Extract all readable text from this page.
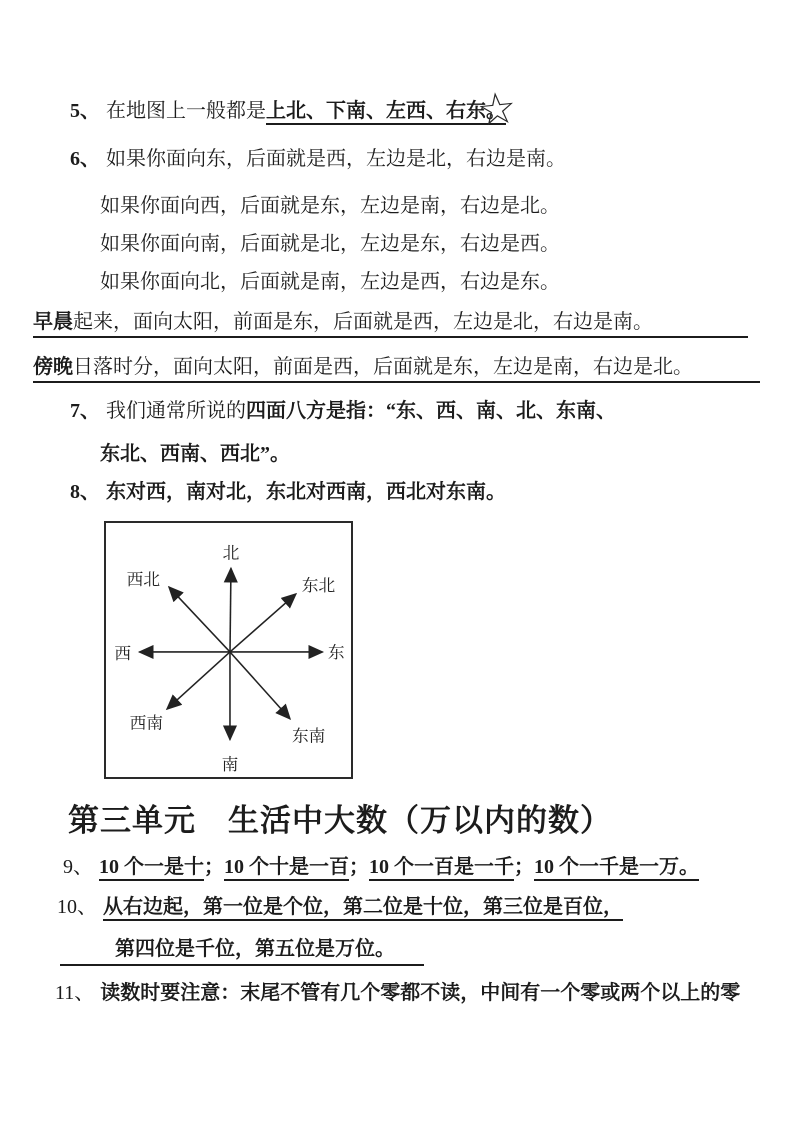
5、 在地图上一般都是上北、下南、左西、右东。
☆
6、 如果你面向东，后面就是西，左边是北，右边是南。
如果你面向西，后面就是东，左边是南，右边是北。
如果你面向南，后面就是北，左边是东，右边是西。
如果你面向北，后面就是南，左边是西，右边是东。
早晨起来，面向太阳，前面是东，后面就是西，左边是北，右边是南。
傍晚日落时分，面向太阳，前面是西，后面就是东，左边是南，右边是北。
7、 我们通常所说的四面八方是指：“东、西、南、北、东南、
东北、西南、西北”。
8、 东对西，南对北，东北对西南，西北对东南。
北
南
西	东
西北	东北
西南
东南
第三单元 生活中大数（万以内的数）
9、 10 个一是十；10 个十是一百；10 个一百是一千；10 个一千是一万。
10、 从右边起，第一位是个位，第二位是十位，第三位是百位，
第四位是千位，第五位是万位。
11、 读数时要注意：末尾不管有几个零都不读，中间有一个零或两个以上的零
